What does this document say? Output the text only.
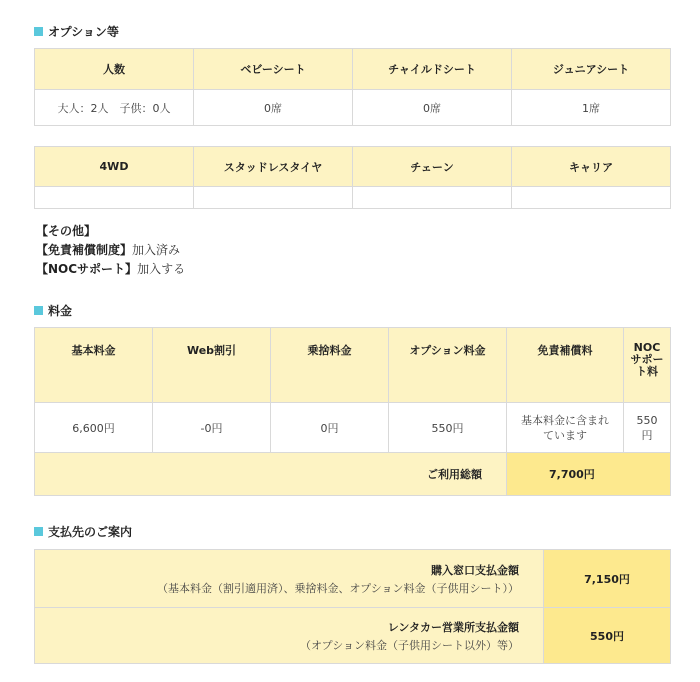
オプション等
人数	ベビーシート	チャイルドシート	ジュニアシート
大人：2人　子供：0人	0席	0席	1席
4WD	スタッドレスタイヤ	チェーン	キャリア

【その他】
【免責補償制度】加入済み
【NOCサポート】加入する
料金
基本料金	Web割引	乗捨料金	オプション料金	免責補償料	NOCサポート料
6,600円	-0円	0円	550円	基本料金に含まれています	550円
ご利用総額				7,700円	
支払先のご案内
購入窓口支払金額
（基本料金（割引適用済）、乗捨料金、オプション料金（子供用シート））	7,150円

レンタカー営業所支払金額
（オプション料金（子供用シート以外）等）	550円
